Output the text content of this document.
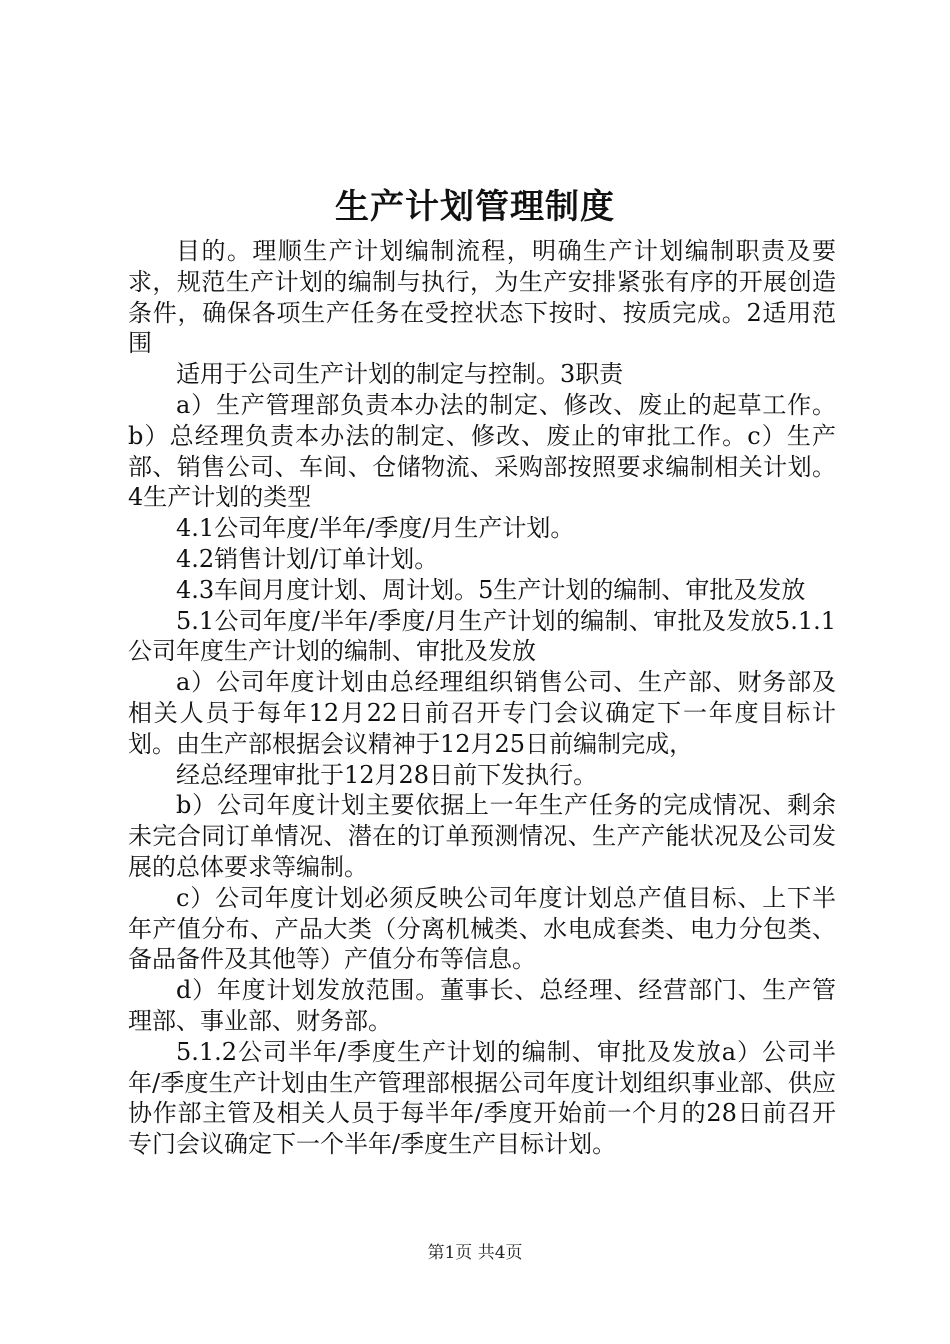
生产计划管理制度

目的。理顺生产计划编制流程，明确生产计划编制职责及要求，规范生产计划的编制与执行，为生产安排紧张有序的开展创造条件，确保各项生产任务在受控状态下按时、按质完成。2适用范围

适用于公司生产计划的制定与控制。3职责

a）生产管理部负责本办法的制定、修改、废止的起草工作。b）总经理负责本办法的制定、修改、废止的审批工作。c）生产部、销售公司、车间、仓储物流、采购部按照要求编制相关计划。4生产计划的类型

4.1公司年度/半年/季度/月生产计划。

4.2销售计划/订单计划。

4.3车间月度计划、周计划。5生产计划的编制、审批及发放

5.1公司年度/半年/季度/月生产计划的编制、审批及发放5.1.1公司年度生产计划的编制、审批及发放

a）公司年度计划由总经理组织销售公司、生产部、财务部及相关人员于每年12月22日前召开专门会议确定下一年度目标计划。由生产部根据会议精神于12月25日前编制完成，

经总经理审批于12月28日前下发执行。

b）公司年度计划主要依据上一年生产任务的完成情况、剩余未完合同订单情况、潜在的订单预测情况、生产产能状况及公司发展的总体要求等编制。

c）公司年度计划必须反映公司年度计划总产值目标、上下半年产值分布、产品大类（分离机械类、水电成套类、电力分包类、备品备件及其他等）产值分布等信息。

d）年度计划发放范围。董事长、总经理、经营部门、生产管理部、事业部、财务部。

5.1.2公司半年/季度生产计划的编制、审批及发放a）公司半年/季度生产计划由生产管理部根据公司年度计划组织事业部、供应协作部主管及相关人员于每半年/季度开始前一个月的28日前召开专门会议确定下一个半年/季度生产目标计划。

第1页 共4页
